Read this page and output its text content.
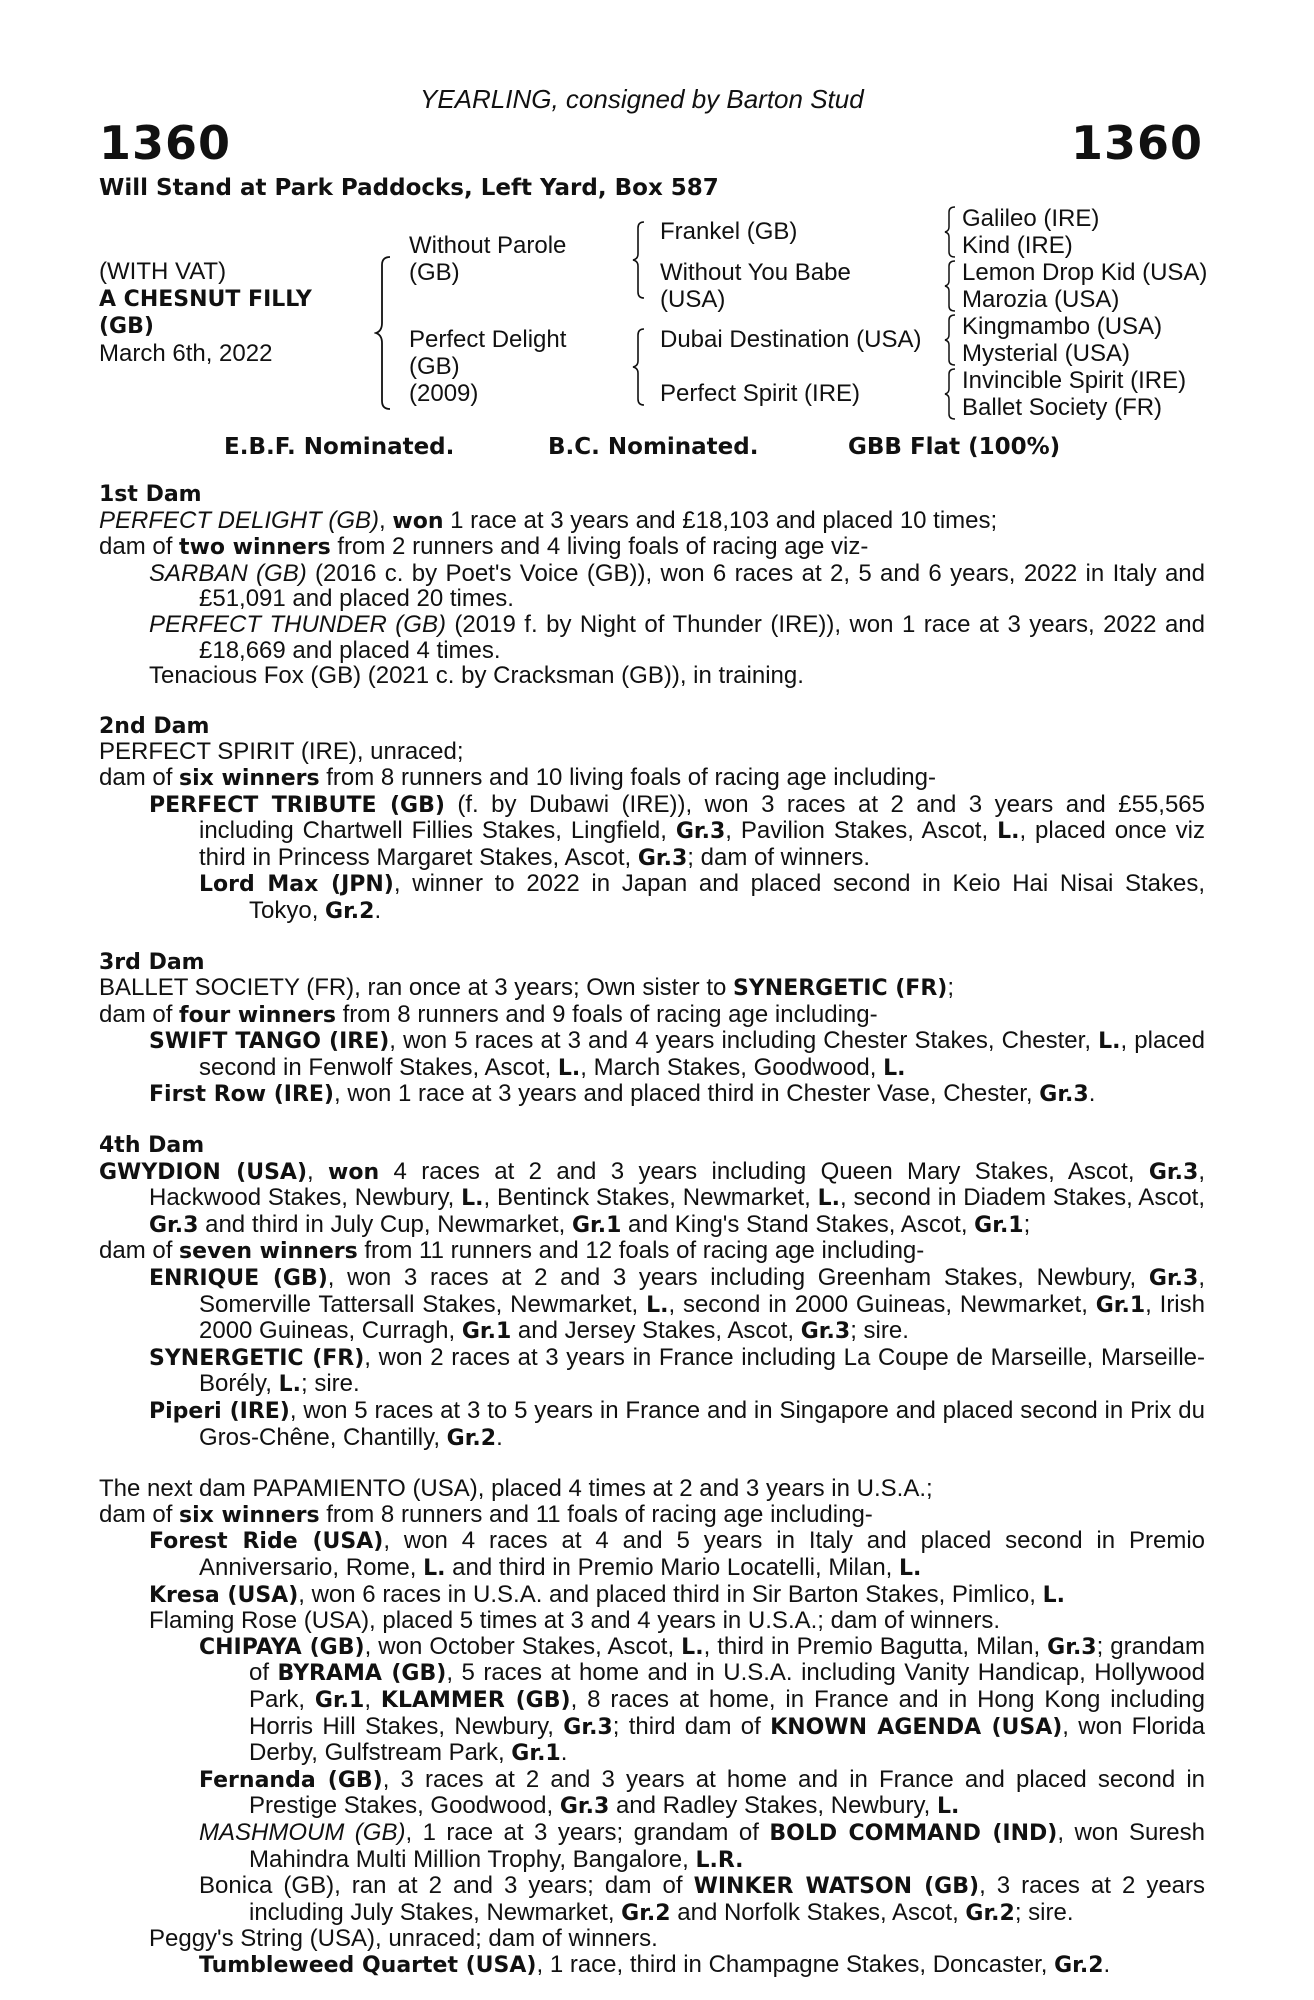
YEARLING, consigned by Barton Stud
1360	1360
Will Stand at Park Paddocks, Left Yard, Box 587
(WITH VAT)
A CHESNUT FILLY
(GB)
March 6th, 2022
Without Parole
(GB)
Perfect Delight
(GB)
(2009)
Frankel (GB)
Without You Babe
(USA)
Dubai Destination (USA)
Perfect Spirit (IRE)
Galileo (IRE)
Kind (IRE)
Lemon Drop Kid (USA)
Marozia (USA)
Kingmambo (USA)
Mysterial (USA)
Invincible Spirit (IRE)
Ballet Society (FR)
E.B.F. Nominated.	B.C. Nominated.	GBB Flat (100%)
1st Dam
PERFECT DELIGHT (GB), won 1 race at 3 years and £18,103 and placed 10 times;
dam of two winners from 2 runners and 4 living foals of racing age viz-
SARBAN (GB) (2016 c. by Poet's Voice (GB)), won 6 races at 2, 5 and 6 years, 2022 in Italy and £51,091 and placed 20 times.
PERFECT THUNDER (GB) (2019 f. by Night of Thunder (IRE)), won 1 race at 3 years, 2022 and £18,669 and placed 4 times.
Tenacious Fox (GB) (2021 c. by Cracksman (GB)), in training.
2nd Dam
PERFECT SPIRIT (IRE), unraced;
dam of six winners from 8 runners and 10 living foals of racing age including-
PERFECT TRIBUTE (GB) (f. by Dubawi (IRE)), won 3 races at 2 and 3 years and £55,565 including Chartwell Fillies Stakes, Lingfield, Gr.3, Pavilion Stakes, Ascot, L., placed once viz third in Princess Margaret Stakes, Ascot, Gr.3; dam of winners.
Lord Max (JPN), winner to 2022 in Japan and placed second in Keio Hai Nisai Stakes, Tokyo, Gr.2.
3rd Dam
BALLET SOCIETY (FR), ran once at 3 years; Own sister to SYNERGETIC (FR);
dam of four winners from 8 runners and 9 foals of racing age including-
SWIFT TANGO (IRE), won 5 races at 3 and 4 years including Chester Stakes, Chester, L., placed second in Fenwolf Stakes, Ascot, L., March Stakes, Goodwood, L.
First Row (IRE), won 1 race at 3 years and placed third in Chester Vase, Chester, Gr.3.
4th Dam
GWYDION (USA), won 4 races at 2 and 3 years including Queen Mary Stakes, Ascot, Gr.3, Hackwood Stakes, Newbury, L., Bentinck Stakes, Newmarket, L., second in Diadem Stakes, Ascot, Gr.3 and third in July Cup, Newmarket, Gr.1 and King's Stand Stakes, Ascot, Gr.1;
dam of seven winners from 11 runners and 12 foals of racing age including-
ENRIQUE (GB), won 3 races at 2 and 3 years including Greenham Stakes, Newbury, Gr.3, Somerville Tattersall Stakes, Newmarket, L., second in 2000 Guineas, Newmarket, Gr.1, Irish 2000 Guineas, Curragh, Gr.1 and Jersey Stakes, Ascot, Gr.3; sire.
SYNERGETIC (FR), won 2 races at 3 years in France including La Coupe de Marseille, Marseille-Borély, L.; sire.
Piperi (IRE), won 5 races at 3 to 5 years in France and in Singapore and placed second in Prix du Gros-Chêne, Chantilly, Gr.2.
The next dam PAPAMIENTO (USA), placed 4 times at 2 and 3 years in U.S.A.;
dam of six winners from 8 runners and 11 foals of racing age including-
Forest Ride (USA), won 4 races at 4 and 5 years in Italy and placed second in Premio Anniversario, Rome, L. and third in Premio Mario Locatelli, Milan, L.
Kresa (USA), won 6 races in U.S.A. and placed third in Sir Barton Stakes, Pimlico, L.
Flaming Rose (USA), placed 5 times at 3 and 4 years in U.S.A.; dam of winners.
CHIPAYA (GB), won October Stakes, Ascot, L., third in Premio Bagutta, Milan, Gr.3; grandam of BYRAMA (GB), 5 races at home and in U.S.A. including Vanity Handicap, Hollywood Park, Gr.1, KLAMMER (GB), 8 races at home, in France and in Hong Kong including Horris Hill Stakes, Newbury, Gr.3; third dam of KNOWN AGENDA (USA), won Florida Derby, Gulfstream Park, Gr.1.
Fernanda (GB), 3 races at 2 and 3 years at home and in France and placed second in Prestige Stakes, Goodwood, Gr.3 and Radley Stakes, Newbury, L.
MASHMOUM (GB), 1 race at 3 years; grandam of BOLD COMMAND (IND), won Suresh Mahindra Multi Million Trophy, Bangalore, L.R.
Bonica (GB), ran at 2 and 3 years; dam of WINKER WATSON (GB), 3 races at 2 years including July Stakes, Newmarket, Gr.2 and Norfolk Stakes, Ascot, Gr.2; sire.
Peggy's String (USA), unraced; dam of winners.
Tumbleweed Quartet (USA), 1 race, third in Champagne Stakes, Doncaster, Gr.2.
